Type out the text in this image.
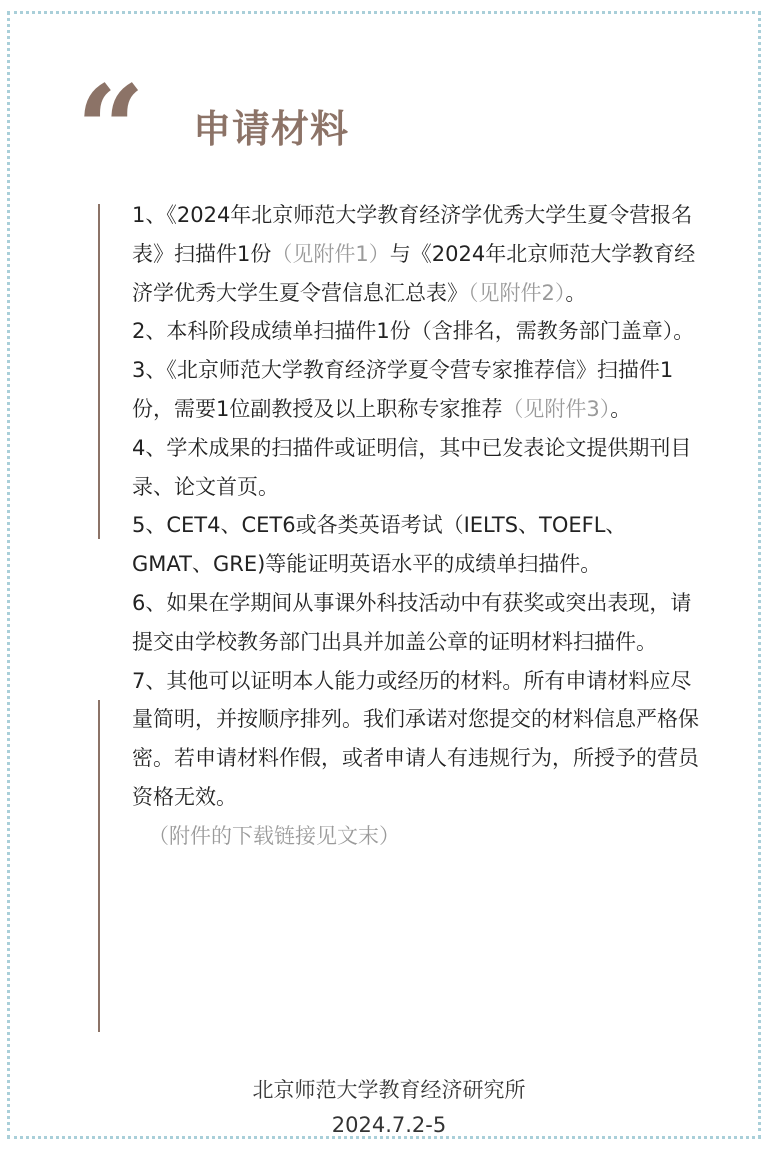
“ 申请材料

1、《2024年北京师范大学教育经济学优秀大学生夏令营报名表》扫描件1份（见附件1）与《2024年北京师范大学教育经济学优秀大学生夏令营信息汇总表》（见附件2）。

2、本科阶段成绩单扫描件1份（含排名，需教务部门盖章）。

3、《北京师范大学教育经济学夏令营专家推荐信》扫描件1份，需要1位副教授及以上职称专家推荐（见附件3）。

4、学术成果的扫描件或证明信，其中已发表论文提供期刊目录、论文首页。

5、CET4、CET6或各类英语考试（IELTS、TOEFL、GMAT、GRE)等能证明英语水平的成绩单扫描件。

6、如果在学期间从事课外科技活动中有获奖或突出表现，请提交由学校教务部门出具并加盖公章的证明材料扫描件。

7、其他可以证明本人能力或经历的材料。所有申请材料应尽量简明，并按顺序排列。我们承诺对您提交的材料信息严格保密。若申请材料作假，或者申请人有违规行为，所授予的营员资格无效。

（附件的下载链接见文末）

北京师范大学教育经济研究所
2024.7.2-5
